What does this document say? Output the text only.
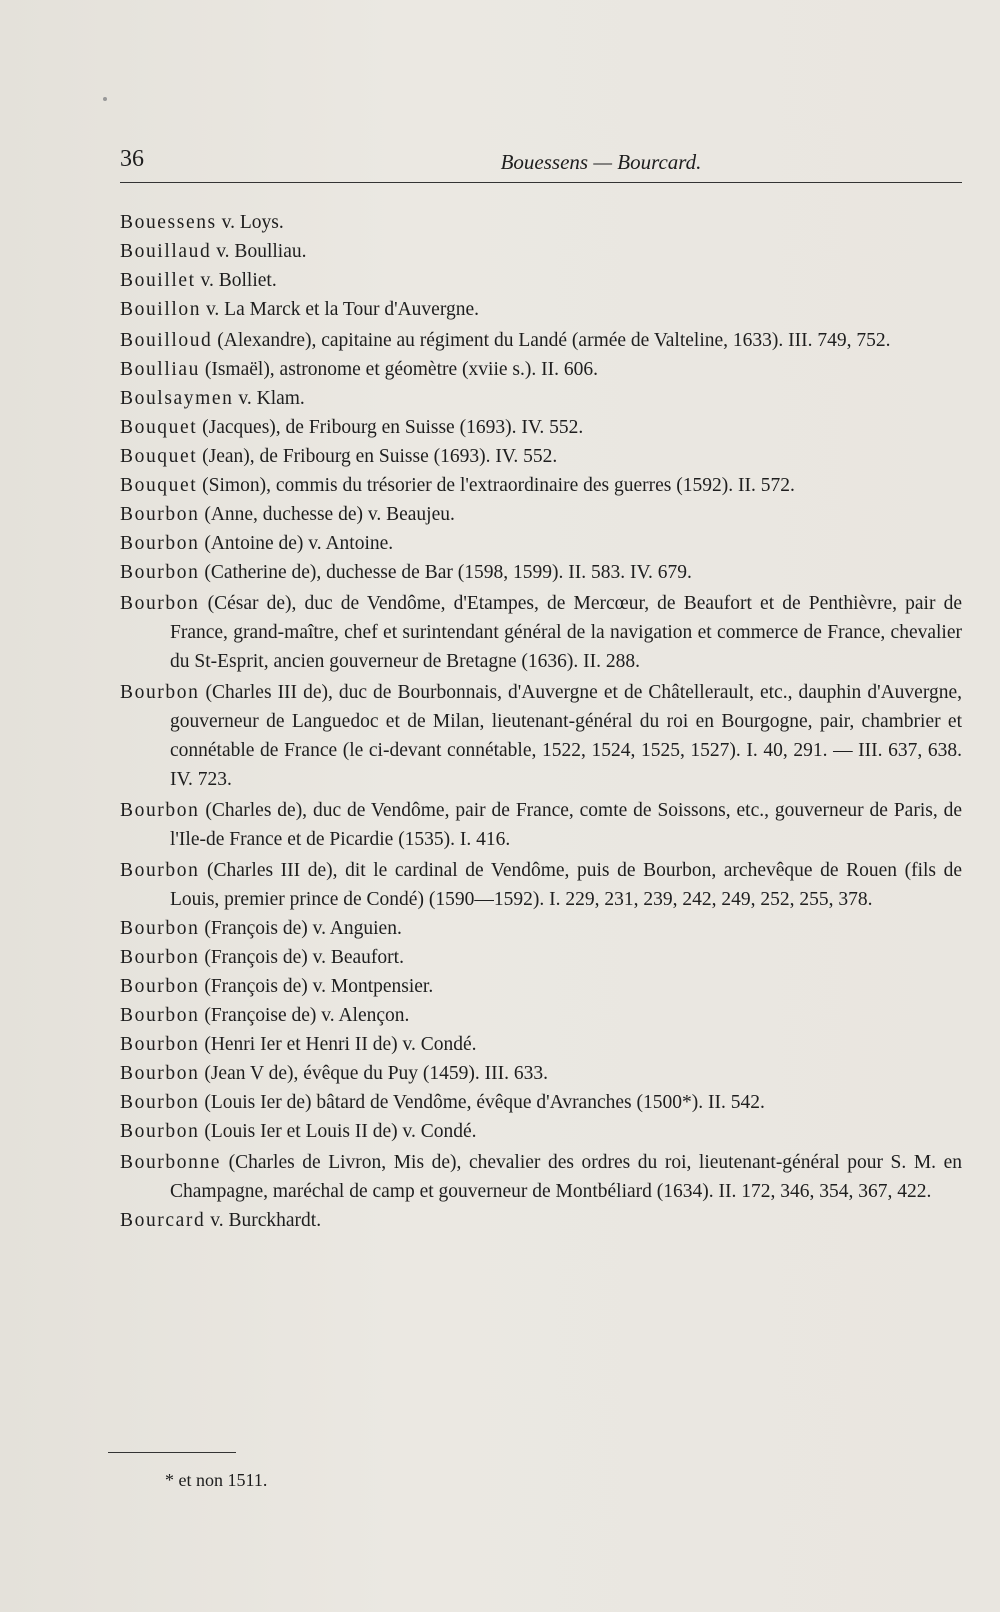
36	Bouessens — Bourcard.
Bouessens v. Loys.
Bouillaud v. Boulliau.
Bouillet v. Bolliet.
Bouillon v. La Marck et la Tour d'Auvergne.
Bouilloud (Alexandre), capitaine au régiment du Landé (armée de Valteline, 1633). III. 749, 752.
Boulliau (Ismaël), astronome et géomètre (xviie s.). II. 606.
Boulsaymen v. Klam.
Bouquet (Jacques), de Fribourg en Suisse (1693). IV. 552.
Bouquet (Jean), de Fribourg en Suisse (1693). IV. 552.
Bouquet (Simon), commis du trésorier de l'extraordinaire des guerres (1592). II. 572.
Bourbon (Anne, duchesse de) v. Beaujeu.
Bourbon (Antoine de) v. Antoine.
Bourbon (Catherine de), duchesse de Bar (1598, 1599). II. 583. IV. 679.
Bourbon (César de), duc de Vendôme, d'Etampes, de Mercœur, de Beaufort et de Penthièvre, pair de France, grand-maître, chef et surintendant général de la navigation et commerce de France, chevalier du St-Esprit, ancien gouverneur de Bretagne (1636). II. 288.
Bourbon (Charles III de), duc de Bourbonnais, d'Auvergne et de Châtellerault, etc., dauphin d'Auvergne, gouverneur de Languedoc et de Milan, lieutenant-général du roi en Bourgogne, pair, chambrier et connétable de France (le ci-devant connétable, 1522, 1524, 1525, 1527). I. 40, 291. — III. 637, 638. IV. 723.
Bourbon (Charles de), duc de Vendôme, pair de France, comte de Soissons, etc., gouverneur de Paris, de l'Ile-de France et de Picardie (1535). I. 416.
Bourbon (Charles III de), dit le cardinal de Vendôme, puis de Bourbon, archevêque de Rouen (fils de Louis, premier prince de Condé) (1590—1592). I. 229, 231, 239, 242, 249, 252, 255, 378.
Bourbon (François de) v. Anguien.
Bourbon (François de) v. Beaufort.
Bourbon (François de) v. Montpensier.
Bourbon (Françoise de) v. Alençon.
Bourbon (Henri Ier et Henri II de) v. Condé.
Bourbon (Jean V de), évêque du Puy (1459). III. 633.
Bourbon (Louis Ier de) bâtard de Vendôme, évêque d'Avranches (1500*). II. 542.
Bourbon (Louis Ier et Louis II de) v. Condé.
Bourbonne (Charles de Livron, Mis de), chevalier des ordres du roi, lieutenant-général pour S. M. en Champagne, maréchal de camp et gouverneur de Montbéliard (1634). II. 172, 346, 354, 367, 422.
Bourcard v. Burckhardt.
* et non 1511.
